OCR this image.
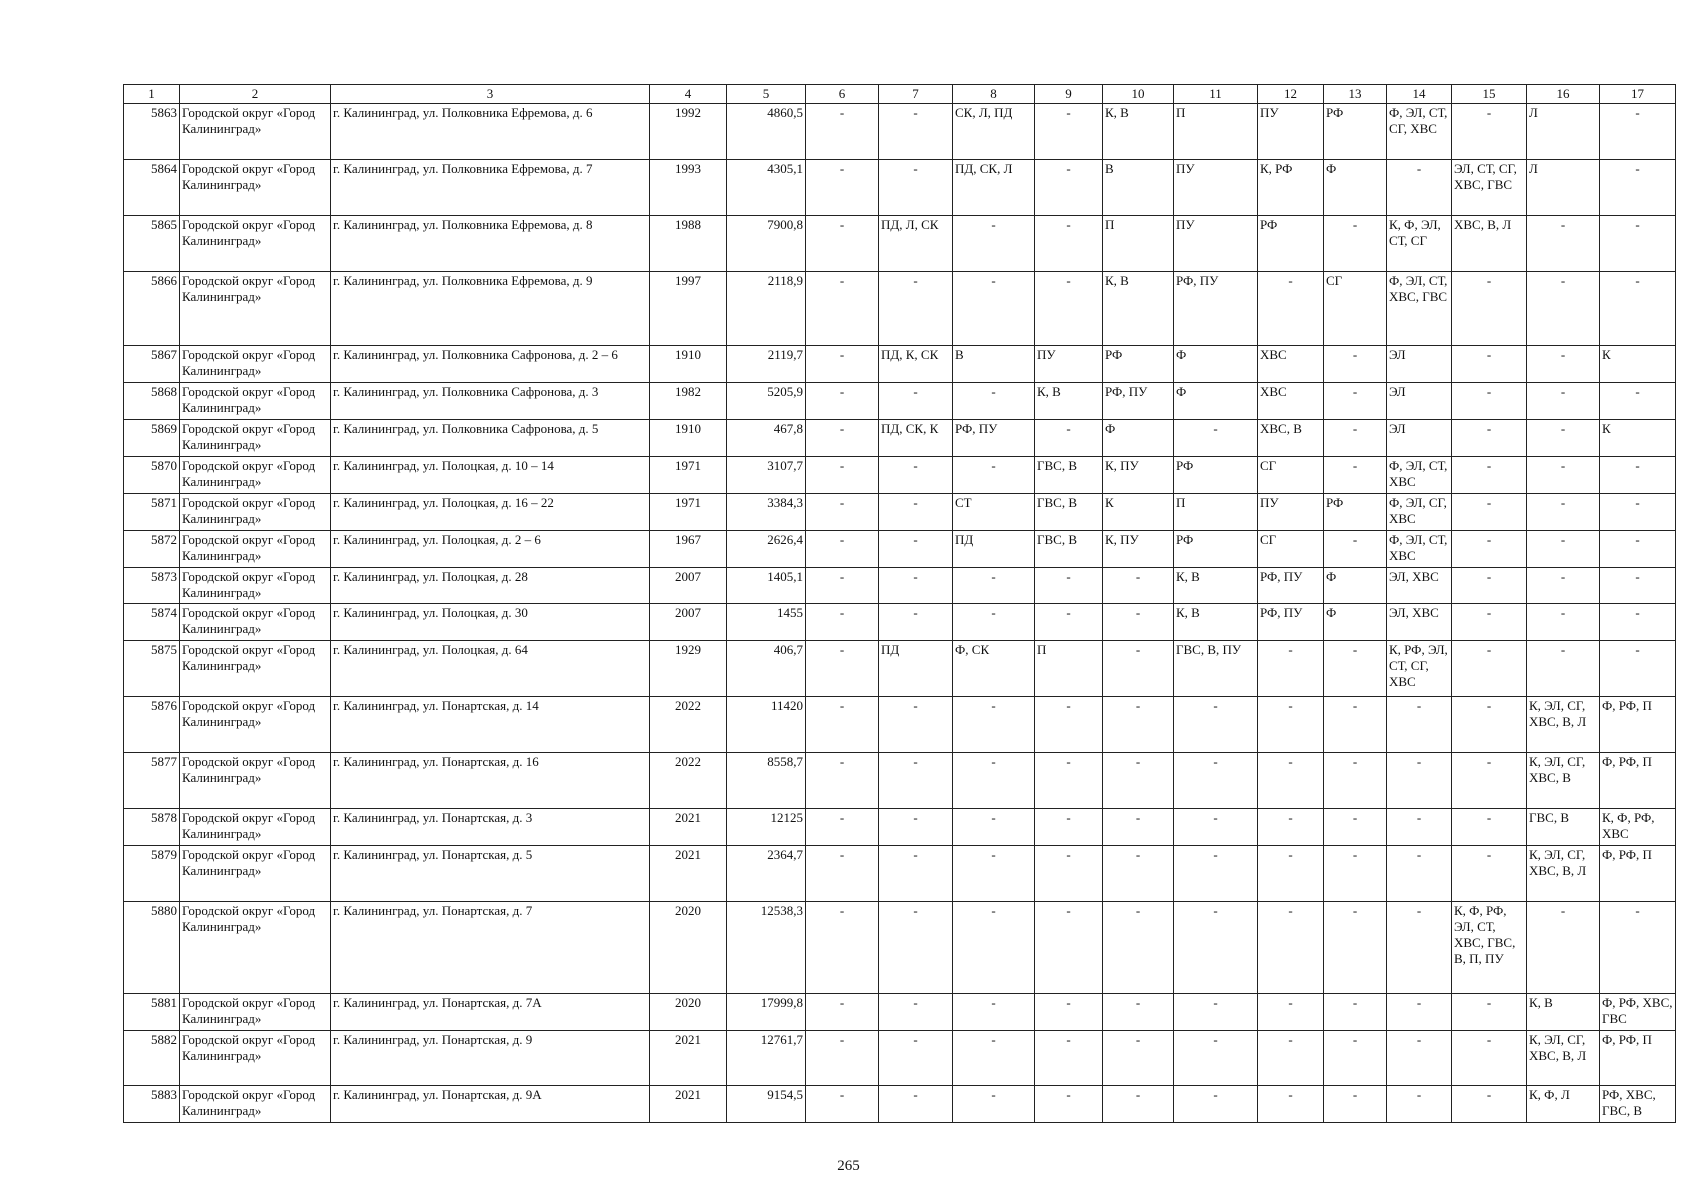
1	2	3	4	5	6	7	8	9	10	11	12	13	14	15	16	17
5863	Городской округ «Город Калининград»	г. Калининград, ул. Полковника Ефремова, д. 6	1992	4860,5	-	-	СК, Л, ПД	-	К, В	П	ПУ	РФ	Ф, ЭЛ, СТ, СГ, ХВС	-	Л	-
5864	Городской округ «Город Калининград»	г. Калининград, ул. Полковника Ефремова, д. 7	1993	4305,1	-	-	ПД, СК, Л	-	В	ПУ	К, РФ	Ф	-	ЭЛ, СТ, СГ, ХВС, ГВС	Л	-
5865	Городской округ «Город Калининград»	г. Калининград, ул. Полковника Ефремова, д. 8	1988	7900,8	-	ПД, Л, СК	-	-	П	ПУ	РФ	-	К, Ф, ЭЛ, СТ, СГ	ХВС, В, Л	-	-
5866	Городской округ «Город Калининград»	г. Калининград, ул. Полковника Ефремова, д. 9	1997	2118,9	-	-	-	-	К, В	РФ, ПУ	-	СГ	Ф, ЭЛ, СТ, ХВС, ГВС	-	-	-
5867	Городской округ «Город Калининград»	г. Калининград, ул. Полковника Сафронова, д. 2 – 6	1910	2119,7	-	ПД, К, СК	В	ПУ	РФ	Ф	ХВС	-	ЭЛ	-	-	К
5868	Городской округ «Город Калининград»	г. Калининград, ул. Полковника Сафронова, д. 3	1982	5205,9	-	-	-	К, В	РФ, ПУ	Ф	ХВС	-	ЭЛ	-	-	-
5869	Городской округ «Город Калининград»	г. Калининград, ул. Полковника Сафронова, д. 5	1910	467,8	-	ПД, СК, К	РФ, ПУ	-	Ф	-	ХВС, В	-	ЭЛ	-	-	К
5870	Городской округ «Город Калининград»	г. Калининград, ул. Полоцкая, д. 10 – 14	1971	3107,7	-	-	-	ГВС, В	К, ПУ	РФ	СГ	-	Ф, ЭЛ, СТ, ХВС	-	-	-
5871	Городской округ «Город Калининград»	г. Калининград, ул. Полоцкая, д. 16 – 22	1971	3384,3	-	-	СТ	ГВС, В	К	П	ПУ	РФ	Ф, ЭЛ, СГ, ХВС	-	-	-
5872	Городской округ «Город Калининград»	г. Калининград, ул. Полоцкая, д. 2 – 6	1967	2626,4	-	-	ПД	ГВС, В	К, ПУ	РФ	СГ	-	Ф, ЭЛ, СТ, ХВС	-	-	-
5873	Городской округ «Город Калининград»	г. Калининград, ул. Полоцкая, д. 28	2007	1405,1	-	-	-	-	-	К, В	РФ, ПУ	Ф	ЭЛ, ХВС	-	-	-
5874	Городской округ «Город Калининград»	г. Калининград, ул. Полоцкая, д. 30	2007	1455	-	-	-	-	-	К, В	РФ, ПУ	Ф	ЭЛ, ХВС	-	-	-
5875	Городской округ «Город Калининград»	г. Калининград, ул. Полоцкая, д. 64	1929	406,7	-	ПД	Ф, СК	П	-	ГВС, В, ПУ	-	-	К, РФ, ЭЛ, СТ, СГ, ХВС	-	-	-
5876	Городской округ «Город Калининград»	г. Калининград, ул. Понартская, д. 14	2022	11420	-	-	-	-	-	-	-	-	-	-	К, ЭЛ, СГ, ХВС, В, Л	Ф, РФ, П
5877	Городской округ «Город Калининград»	г. Калининград, ул. Понартская, д. 16	2022	8558,7	-	-	-	-	-	-	-	-	-	-	К, ЭЛ, СГ, ХВС, В	Ф, РФ, П
5878	Городской округ «Город Калининград»	г. Калининград, ул. Понартская, д. 3	2021	12125	-	-	-	-	-	-	-	-	-	-	ГВС, В	К, Ф, РФ, ХВС
5879	Городской округ «Город Калининград»	г. Калининград, ул. Понартская, д. 5	2021	2364,7	-	-	-	-	-	-	-	-	-	-	К, ЭЛ, СГ, ХВС, В, Л	Ф, РФ, П
5880	Городской округ «Город Калининград»	г. Калининград, ул. Понартская, д. 7	2020	12538,3	-	-	-	-	-	-	-	-	-	К, Ф, РФ, ЭЛ, СТ, ХВС, ГВС, В, П, ПУ	-	-
5881	Городской округ «Город Калининград»	г. Калининград, ул. Понартская, д. 7А	2020	17999,8	-	-	-	-	-	-	-	-	-	-	К, В	Ф, РФ, ХВС, ГВС
5882	Городской округ «Город Калининград»	г. Калининград, ул. Понартская, д. 9	2021	12761,7	-	-	-	-	-	-	-	-	-	-	К, ЭЛ, СГ, ХВС, В, Л	Ф, РФ, П
5883	Городской округ «Город Калининград»	г. Калининград, ул. Понартская, д. 9А	2021	9154,5	-	-	-	-	-	-	-	-	-	-	К, Ф, Л	РФ, ХВС, ГВС, В
265
